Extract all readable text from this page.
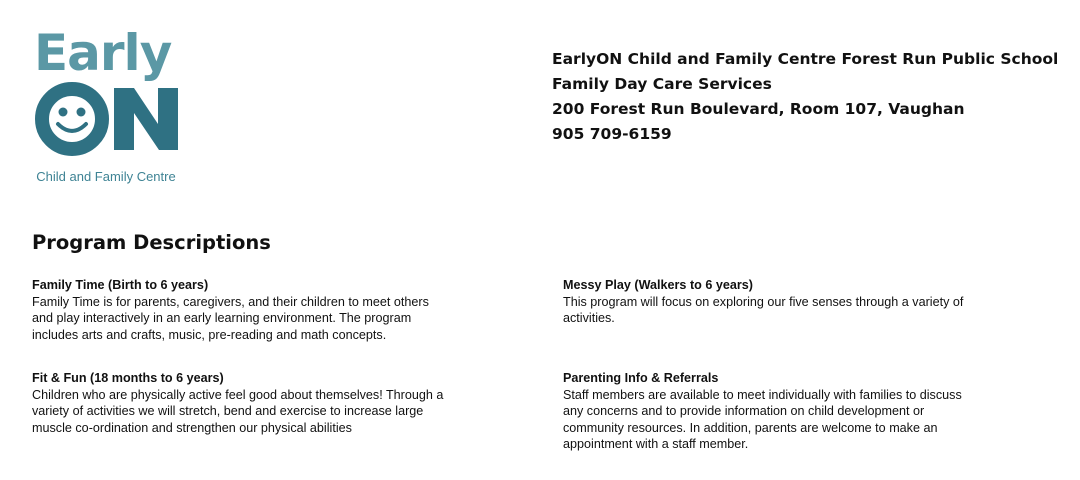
Early
Child and Family Centre
EarlyON Child and Family Centre Forest Run Public School
Family Day Care Services
200 Forest Run Boulevard, Room 107, Vaughan
905 709-6159
Program Descriptions
Family Time (Birth to 6 years)
Family Time is for parents, caregivers, and their children to meet others
and play interactively in an early learning environment. The program
includes arts and crafts, music, pre-reading and math concepts.
Messy Play (Walkers to 6 years)
This program will focus on exploring our five senses through a variety of
activities.
Fit & Fun (18 months to 6 years)
Children who are physically active feel good about themselves! Through a
variety of activities we will stretch, bend and exercise to increase large
muscle co-ordination and strengthen our physical abilities
Parenting Info & Referrals
Staff members are available to meet individually with families to discuss
any concerns and to provide information on child development or
community resources. In addition, parents are welcome to make an
appointment with a staff member.
